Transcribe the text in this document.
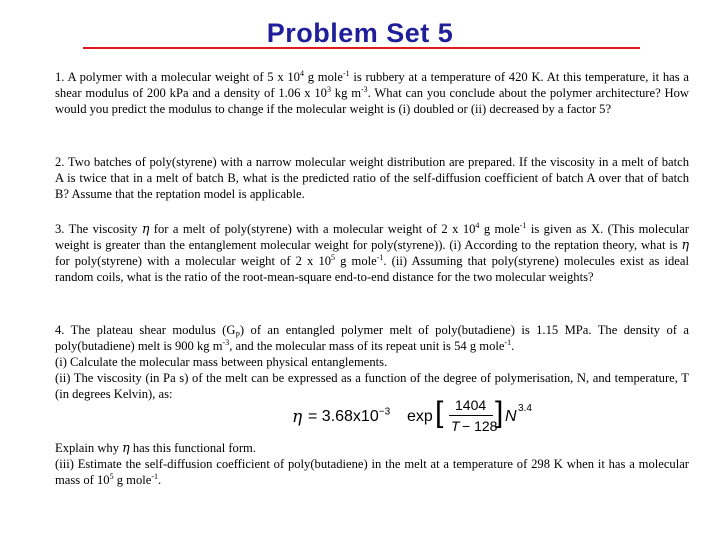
Problem Set 5

1. A polymer with a molecular weight of 5 x $10^4$ g mole$^{-1}$ is rubbery at a temperature of 420 K. At this temperature, it has a shear modulus of 200 kPa and a density of 1.06 x $10^3$ kg $m^{-3}$. What can you conclude about the polymer architecture? How would you predict the modulus to change if the molecular weight is (i) doubled or (ii) decreased by a factor 5?

2. Two batches of poly(styrene) with a narrow molecular weight distribution are prepared. If the viscosity in a melt of batch A is twice that in a melt of batch B, what is the predicted ratio of the self-diffusion coefficient of batch A over that of batch B? Assume that the reptation model is applicable.

3. The viscosity η for a melt of poly(styrene) with a molecular weight of 2 x $10^4$ g mole$^{-1}$ is given as X. (This molecular weight is greater than the entanglement molecular weight for poly(styrene)). (i) According to the reptation theory, what is η for poly(styrene) with a molecular weight of 2 x $10^5$ g mole$^{-1}$. (ii) Assuming that poly(styrene) molecules exist as ideal random coils, what is the ratio of the root-mean-square end-to-end distance for the two molecular weights?

4. The plateau shear modulus $(G_P)$ of an entangled polymer melt of poly(butadiene) is 1.15 MPa. The density of a poly(butadiene) melt is 900 kg $m^{-3}$, and the molecular mass of its repeat unit is 54 g mole$^{-1}$.

(i) Calculate the molecular mass between physical entanglements.

(ii) The viscosity (in Pa s) of the melt can be expressed as a function of the degree of polymerisation, N, and temperature, T (in degrees Kelvin), as:

$\eta = 3.68x10^{-3}$ exp [ 1404
T − 128
] N 3.4

Explain why η has this functional form.

(iii) Estimate the self-diffusion coefficient of poly(butadiene) in the melt at a temperature of 298 K when it has a molecular mass of $10^5$ g mole$^{-1}$.
